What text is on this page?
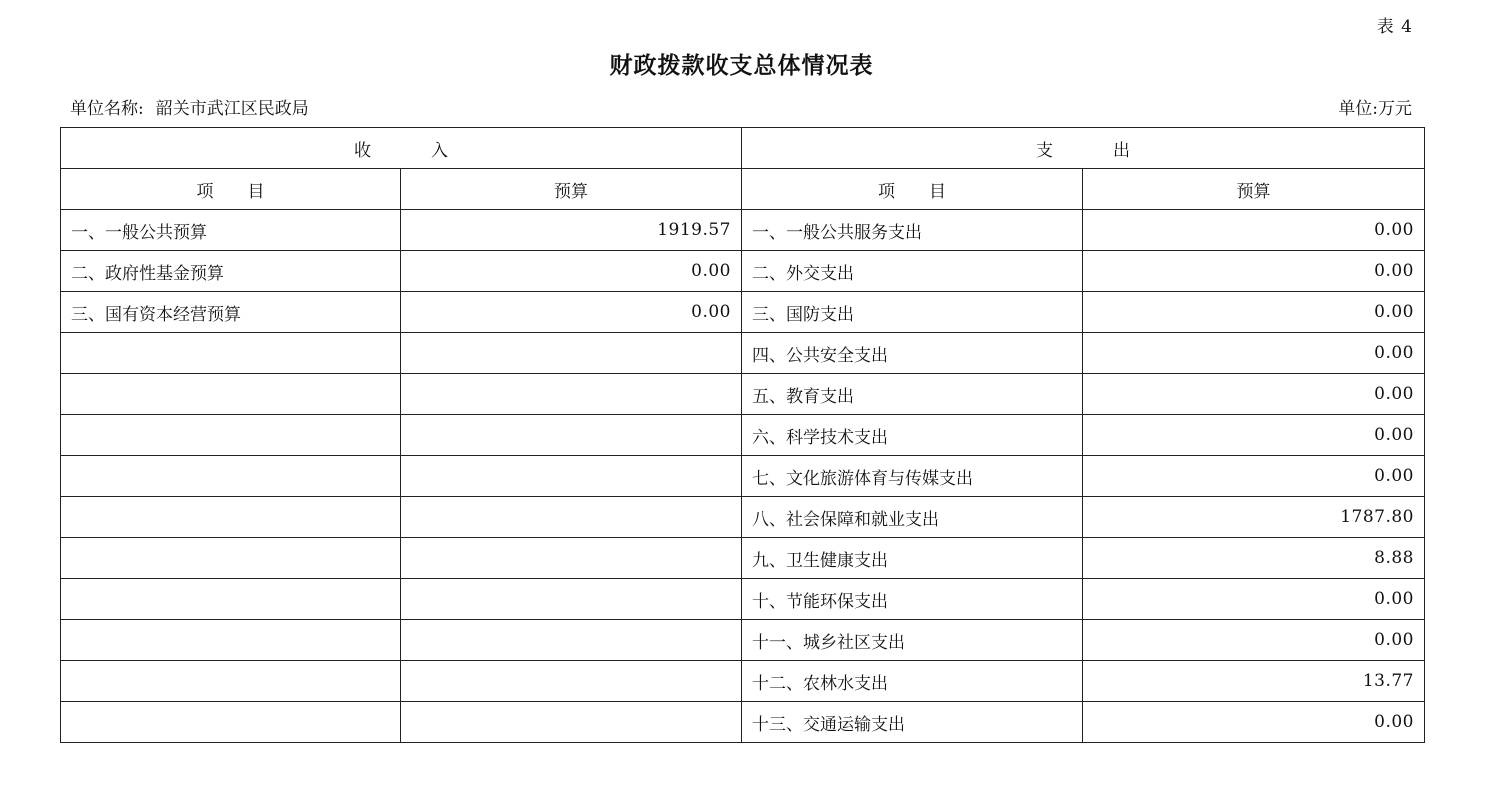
表 4
财政拨款收支总体情况表
单位名称: 韶关市武江区民政局	单位:万元
收 入		支 出	
项 目	预算	项 目	预算
一、一般公共预算	1919.57	一、一般公共服务支出	0.00
二、政府性基金预算	0.00	二、外交支出	0.00
三、国有资本经营预算	0.00	三、国防支出	0.00
		四、公共安全支出	0.00
		五、教育支出	0.00
		六、科学技术支出	0.00
		七、文化旅游体育与传媒支出	0.00
		八、社会保障和就业支出	1787.80
		九、卫生健康支出	8.88
		十、节能环保支出	0.00
		十一、城乡社区支出	0.00
		十二、农林水支出	13.77
		十三、交通运输支出	0.00
